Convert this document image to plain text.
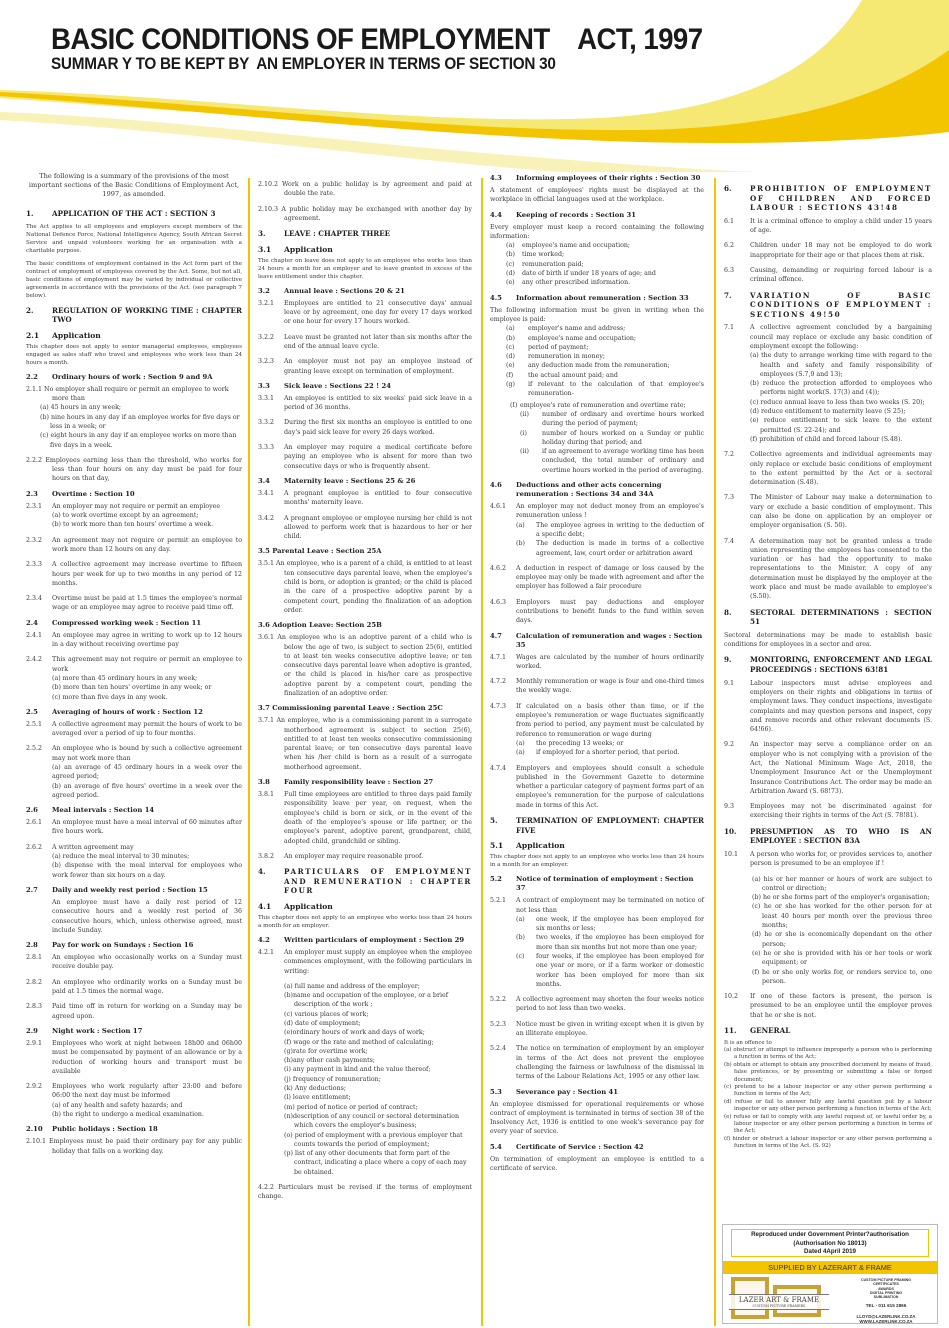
BASIC CONDITIONS OF EMPLOYMENT    ACT, 1997
SUMMAR Y TO BE KEPT BY  AN EMPLOYER IN TERMS OF SECTION 30
The following is a summary of the provisions of the most important sections of the Basic Conditions of Employment Act, 1997, as amended.
1.	APPLICATION OF THE ACT : SECTION 3

The Act applies to all employees and employers except members of the National Defence Force, National Intelligence Agency, South African Secret Service and unpaid volunteers working for an organisation with a charitable purpose.

The basic conditions of employment contained in the Act form part of the contract of employment of employees covered by the Act. Some, but not all, basic conditions of employment may be varied by individual or collective agreements in accordance with the provisions of the Act. (see paragraph 7 below).

2.	REGULATION OF WORKING TIME : CHAPTER TWO
2.1	Application

This chapter does not apply to senior managerial employees, employees engaged as sales staff who travel and employees who work less than 24 hours a month.

2.2	Ordinary hours of work : Section 9 and 9A
2.1.1 No employer shall require or permit an employee to work more than
(a) 45 hours in any week;
(b) nine hours in any day if an employee works for five days or less in a week; or
(c) eight hours in any day if an employee works on more than five days in a week.
2.2.2 Employees earning less than the threshold, who works for less than four hours on any day must be paid for four hours on that day,
2.3	Overtime : Section 10
2.3.1	An employer may not require or permit an employee
(a) to work overtime except by an agreement;
(b) to work more than ten hours' overtime a week.
2.3.2	An agreement may not require or permit an employee to work more than 12 hours on any day.
2.3.3	A collective agreement may increase overtime to fifteen hours per week for up to two months in any period of 12 months.
2.3.4	Overtime must be paid at 1.5 times the employee's normal wage or an employee may agree to receive paid time off.
2.4	Compressed working week : Section 11
2.4.1	An employee may agree in writing to work up to 12 hours in a day without receiving overtime pay
2.4.2	This agreement may not require or permit an employee to work
(a) more than 45 ordinary hours in any week;
(b) more than ten hours' overtime in any week; or
(c) more than five days in any week.
2.5	Averaging of hours of work : Section 12
2.5.1	A collective agreement may permit the hours of work to be averaged over a period of up to four months.
2.5.2	An employee who is bound by such a collective agreement may not work more than
(a) an average of 45 ordinary hours in a week over the agreed period;
(b) an average of five hours' overtime in a week over the agreed period.
2.6	Meal intervals : Section 14
2.6.1	An employee must have a meal interval of 60 minutes after five hours work.
2.6.2	A written agreement may
(a) reduce the meal interval to 30 minutes;
(b) dispense with the meal interval for employees who work fewer than six hours on a day.
2.7	Daily and weekly rest period : Section 15

An employee must have a daily rest period of 12 consecutive hours and a weekly rest period of 36 consecutive hours, which, unless otherwise agreed, must include Sunday.

2.8	Pay for work on Sundays : Section 16
2.8.1	An employee who occasionally works on a Sunday must receive double pay.
2.8.2	An employee who ordinarily works on a Sunday must be paid at 1.5 times the normal wage.
2.8.3	Paid time off in return for working on a Sunday may be agreed upon.
2.9	Night work : Section 17
2.9.1	Employees who work at night between 18h00 and 06h00 must be compensated by payment of an allowance or by a reduction of working hours and transport must be available
2.9.2	Employees who work regularly after 23:00 and before 06:00 the next day must be informed
(a) of any health and safety hazards; and
(b) the right to undergo a medical examination.
2.10	Public holidays : Section 18
2.10.1 Employees must be paid their ordinary pay for any public holiday that falls on a working day.
2.10.2 Work on a public holiday is by agreement and paid at double the rate.
2.10.3 A public holiday may be exchanged with another day by agreement.
3.	LEAVE : CHAPTER THREE
3.1	Application

The chapter on leave does not apply to an employee who works less than 24 hours a month for an employer and to leave granted in excess of the leave entitlement under this chapter.

3.2	Annual leave : Sections 20 & 21
3.2.1	Employees are entitled to 21 consecutive days' annual leave or by agreement, one day for every 17 days worked or one hour for every 17 hours worked.
3.2.2	Leave must be granted not later than six months after the end of the annual leave cycle.
3.2.3	An employer must not pay an employee instead of granting leave except on termination of employment.
3.3	Sick leave : Sections 22 ! 24
3.3.1	An employee is entitled to six weeks' paid sick leave in a period of 36 months.
3.3.2	During the first six months an employee is entitled to one day's paid sick leave for every 26 days worked.
3.3.3	An employer may require a medical certificate before paying an employee who is absent for more than two consecutive days or who is frequently absent.
3.4	Maternity leave : Sections 25 & 26
3.4.1	A pregnant employee is entitled to four consecutive months' maternity leave.
3.4.2	A pregnant employee or employee nursing her child is not allowed to perform work that is hazardous to her or her child.
3.5 Parental Leave : Section 25A
3.5.1 An employee, who is a parent of a child, is entitled to at least ten consecutive days parental leave, when the employee's child is born, or adoption is granted; or the child is placed in the care of a prospective adoptive parent by a competent court, pending the finalization of an adoption order.
3.6 Adoption Leave: Section 25B
3.6.1 An employee who is an adoptive parent of a child who is below the age of two, is subject to section 25(6), entitled to at least ten weeks consecutive adoptive leave; or ten consecutive days parental leave when adoptive is granted, or the child is placed in his/her care as prospective adoptive parent by a competent court, pending the finalization of an adoptive order.
3.7 Commissioning parental Leave : Section 25C
3.7.1 An employee, who is a commissioning parent in a surrogate motherhood agreement is subject to section 25(6), entitled to at least ten weeks consecutive commissioning parental leave; or ten consecutive days parental leave when his /her child is born as a result of a surrogate motherhood agreement.
3.8	Family responsibility leave : Section 27
3.8.1	Full time employees are entitled to three days paid family responsibility leave per year, on request, when the employee's child is born or sick, or in the event of the death of the employee's spouse or life partner, or the employee's parent, adoptive parent, grandparent, child, adopted child, grandchild or sibling.
3.8.2	An employer may require reasonable proof.
4.	PARTICULARS OF EMPLOYMENT AND REMUNERATION : CHAPTER FOUR
4.1	Application

This chapter does not apply to an employee who works less than 24 hours a month for an employer.

4.2	Written particulars of employment : Section 29
4.2.1	An employer must supply an employee when the employee commences employment, with the following particulars in writing:
(a) full name and address of the employer;
(b)name and occupation of the employee, or a brief description of the work ;
(c) various places of work;
(d) date of employment;
(e)ordinary hours of work and days of work;
(f) wage or the rate and method of calculating;
(g)rate for overtime work;
(h)any other cash payments;
(i) any payment in kind and the value thereof;
(j) frequency of remuneration;
(k) Any deductions;
(l) leave entitlement;
(m) period of notice or period of contract;
(n)description of any council or sectoral determination which covers the employer's business;
(o) period of employment with a previous employer that counts towards the period of employment;
(p) list of any other documents that form part of the contract, indicating a place where a copy of each may be obtained.
4.2.2 Particulars must be revised if the terms of employment change.
4.3	Informing employees of their rights : Section 30

A statement of employees' rights must be displayed at the workplace in official languages used at the workplace.

4.4	Keeping of records : Section 31

Every employer must keep a record containing the following information:

(a)	employee's name and occupation;
(b)	time worked;
(c)	remuneration paid;
(d)	date of birth if under 18 years of age; and
(e)	any other prescribed information.
4.5	Information about remuneration : Section 33

The following information must be given in writing when the employee is paid:

(a)	employer's name and address;
(b)	employee's name and occupation;
(c)	period of payment;
(d)	remuneration in money;
(e)	any deduction made from the remuneration;
(f)	the actual amount paid; and
(g)	if relevant to the calculation of that employee's remuneration-
(I) employee's rate of remuneration and overtime rate;
(ii)	number of ordinary and overtime hours worked during the period of payment;
(i)	number of hours worked on a Sunday or public holiday during that period; and
(ii)	if an agreement to average working time has been concluded, the total number of ordinary and overtime hours worked in the period of averaging.
4.6	Deductions and other acts concerning remuneration : Sections 34 and 34A
4.6.1	An employer may not deduct money from an employee's remuneration unless !
(a)	The employee agrees in writing to the deduction of a specific debt;
(b)	The deduction is made in terms of a collective agreement, law, court order or arbitration award
4.6.2	A deduction in respect of damage or loss caused by the employee may only be made with agreement and after the employer has followed a fair procedure
4.6.3	Employers must pay deductions and employer contributions to benefit funds to the fund within seven days.
4.7	Calculation of remuneration and wages : Section 35
4.7.1	Wages are calculated by the number of hours ordinarily worked.
4.7.2	Monthly remuneration or wage is four and one-third times the weekly wage.
4.7.3	If calculated on a basis other than time, or if the employee's remuneration or wage fluctuates significantly from period to period, any payment must be calculated by reference to remuneration or wage during
(a)	the preceding 13 weeks; or
(a)	if employed for a shorter period, that period.
4.7.4	Employers and employees should consult a schedule published in the Government Gazette to determine whether a particular category of payment forms part of an employee's remuneration for the purpose of calculations made in terms of this Act.
5.	TERMINATION OF EMPLOYMENT: CHAPTER FIVE
5.1	Application

This chapter does not apply to an employee who works less than 24 hours in a month for an employer.

5.2	Notice of termination of employment : Section 37
5.2.1	A contract of employment may be terminated on notice of not less than
(a)	one week, if the employee has been employed for six months or less;
(b)	two weeks, if the employee has been employed for more than six months but not more than one year;
(c)	four weeks, if the employee has been employed for one year or more, or if a farm worker or domestic worker has been employed for more than six months.
5.2.2	A collective agreement may shorten the four weeks notice period to not less than two weeks.
5.2.3	Notice must be given in writing except when it is given by an illiterate employee.
5.2.4	The notice on termination of employment by an employer in terms of the Act does not prevent the employee challenging the fairness or lawfulness of the dismissal in terms of the Labour Relations Act, 1995 or any other law.
5.3	Severance pay : Section 41

An employee dismissed for operational requirements or whose contract of employment is terminated in terms of section 38 of the Insolvency Act, 1936 is entitled to one week's severance pay for every year of service.

5.4	Certificate of Service : Section 42

On termination of employment an employee is entitled to a certificate of service.

6.	PROHIBITION OF EMPLOYMENT OF CHILDREN AND FORCED LABOUR : SECTIONS 43!48
6.1	It is a criminal offence to employ a child under 15 years of age.
6.2	Children under 18 may not be employed to do work inappropriate for their age or that places them at risk.
6.3	Causing, demanding or requiring forced labour is a criminal offence.
7.	VARIATION OF BASIC CONDITIONS OF EMPLOYMENT : SECTIONS 49!50
7.1	A collective agreement concluded by a bargaining council may replace or exclude any basic condition of employment except the following:
(a) the duty to arrange working time with regard to the health and safety and family responsibility of employees (S.7,9 and 13);
(b) reduce the protection afforded to employees who perform night work(S. 17(3) and (4));
(c) reduce annual leave to less than two weeks (S. 20);
(d) reduce entitlement to maternity leave (S 25);
(e) reduce entitlement to sick leave to the extent permitted (S. 22-24); and
(f) prohibition of child and forced labour (S.48).
7.2	Collective agreements and individual agreements may only replace or exclude basic conditions of employment to the extent permitted by the Act or a sectoral determination (S.48).
7.3	The Minister of Labour may make a determination to vary or exclude a basic condition of employment. This can also be done on application by an employer or employer organisation (S. 50).
7.4	A determination may not be granted unless a trade union representing the employees has consented to the variation or has had the opportunity to make representations to the Minister. A copy of any determination must be displayed by the employer at the work place and must be made available to employee's (S.50).
8.	SECTORAL DETERMINATIONS : SECTION 51

Sectoral determinations may be made to establish basic conditions for employees in a sector and area.

9.	MONITORING, ENFORCEMENT AND LEGAL PROCEEDINGS : SECTIONS 63!81
9.1	Labour inspectors must advise employees and employers on their rights and obligations in terms of employment laws. They conduct inspections, investigate complaints and may question persons and inspect, copy and remove records and other relevant documents (S. 64!66).
9.2	An inspector may serve a compliance order on an employer who is not complying with a provision of the Act, the National Minimum Wage Act, 2018, the Unemployment Insurance Act or the Unemployment Insurance Contributions Act. The order may be made an Arbitration Award (S. 68!73).
9.3	Employees may not be discriminated against for exercising their rights in terms of the Act (S. 78!81).
10.	PRESUMPTION AS TO WHO IS AN EMPLOYEE : SECTION 83A
10.1	A person who works for, or provides services to, another person is presumed to be an employee if !
(a) his or her manner or hours of work are subject to control or direction;
(b) he or she forms part of the employer's organisation;
(c) he or she has worked for the other person for at least 40 hours per month over the previous three months;
(d) he or she is economically dependant on the other person;
(e) he or she is provided with his or her tools or work equipment; or
(f) he or she only works for, or renders service to, one person.
10.2	If one of these factors is present, the person is presumed to be an employee until the employer proves that he or she is not.
11.	GENERAL
It is an offence to
(a) obstruct or attempt to influence improperly a person who is performing a function in terms of the Act;
(b) obtain or attempt to obtain any prescribed document by means of fraud, false pretences, or by presenting or submitting a false or forged document;
(c) pretend to be a labour inspector or any other person performing a function in terms of the Act;
(d) refuse or fail to answer fully any lawful question put by a labour inspector or any other person performing a function in terms of the Act;
(e) refuse or fail to comply with any lawful request of, or lawful order by, a labour inspector or any other person performing a function in terms of the Act;
(f) hinder or obstruct a labour inspector or any other person performing a function in terms of the Act. (S. 92)
Reproduced under Government Printer?authorisation
(Authorisation No 18013)
Dated 4April 2019
SUPPLIED BY LAZERART & FRAME
LAZER ART & FRAME
CUSTOM PICTURE FRAMERS
CUSTOM PICTURE FRAMING
CERTIFICATES
AWARDS
DIGITAL PRINTING
SUBLIMATION
TEL - 011 615 2866
LLOYD@LAZERLINK.CO.ZA
WWW.LAZERLINK.CO.ZA
